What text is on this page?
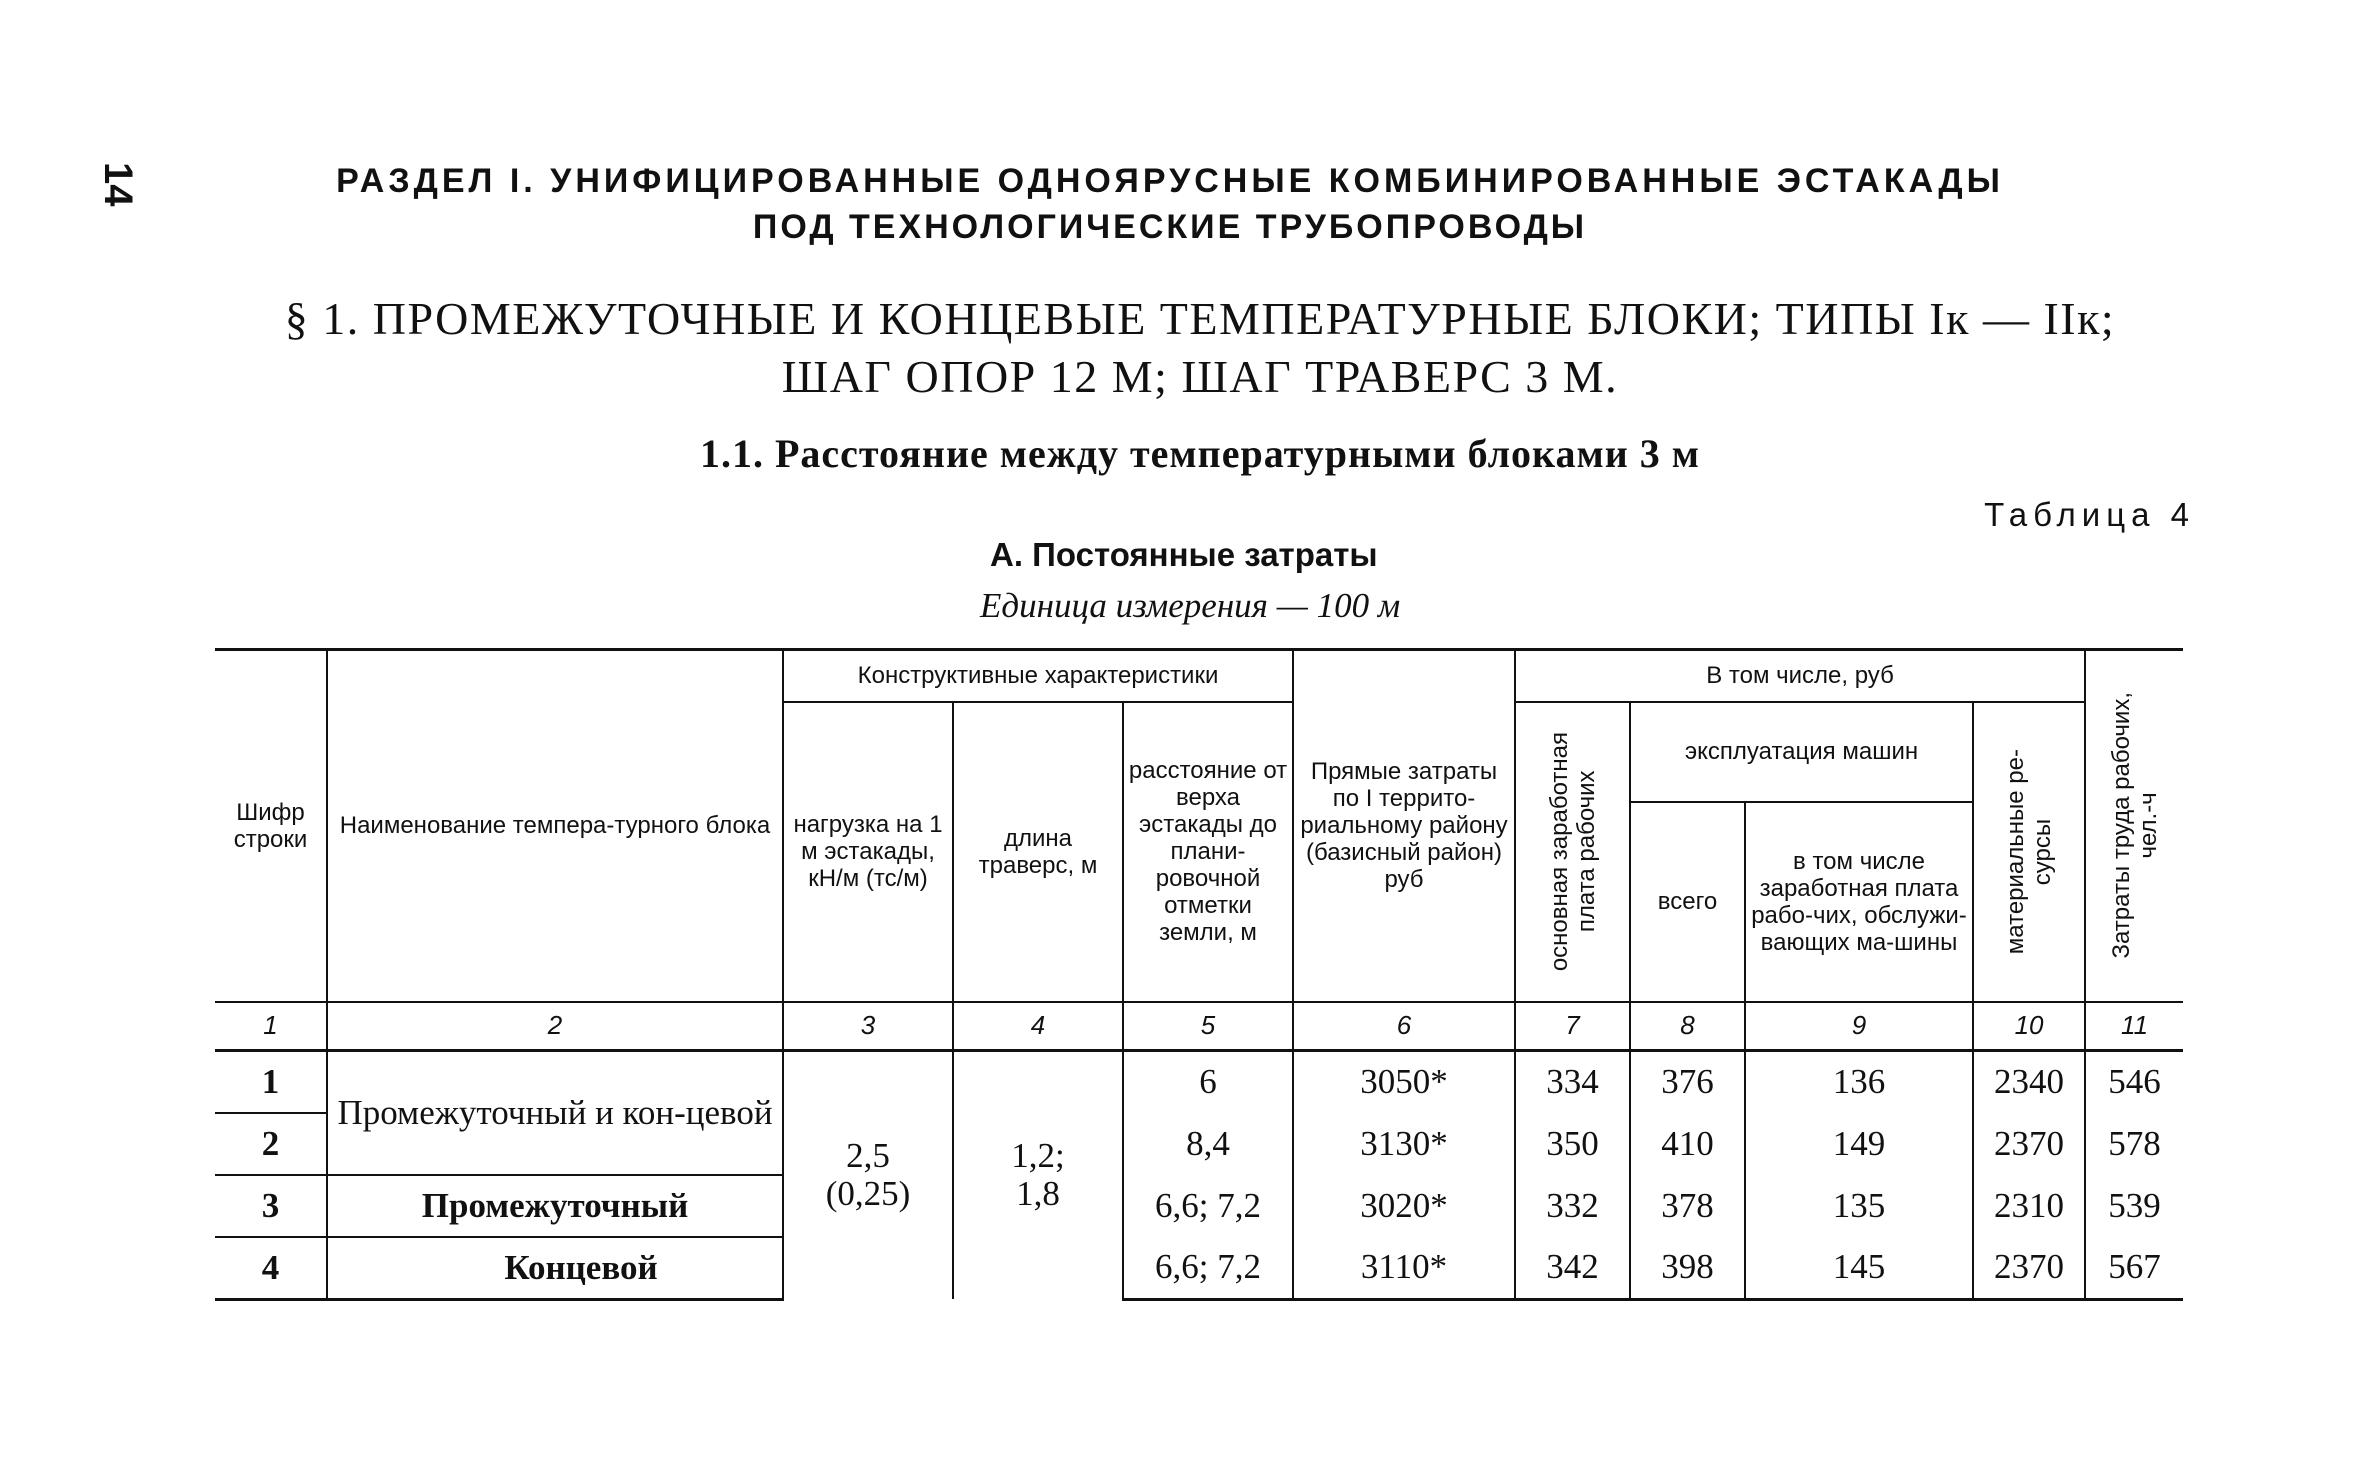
14	РАЗДЕЛ I. УНИФИЦИРОВАННЫЕ ОДНОЯРУСНЫЕ КОМБИНИРОВАННЫЕ ЭСТАКАДЫ
ПОД ТЕХНОЛОГИЧЕСКИЕ ТРУБОПРОВОДЫ
§ 1. ПРОМЕЖУТОЧНЫЕ И КОНЦЕВЫЕ ТЕМПЕРАТУРНЫЕ БЛОКИ; ТИПЫ Iк — IIк;
ШАГ ОПОР 12 М; ШАГ ТРАВЕРС 3 М.
1.1. Расстояние между температурными блоками 3 м
Таблица 4
А. Постоянные затраты
Единица измерения — 100 м
Шифр строки	Наименование темпера-турного блока	Конструктивные характеристики			Прямые затраты по I террито-риальному району (базисный район) руб	В том числе, руб				Затраты труда рабочих,
чел.-ч

		нагрузка на 1 м эстакады, кН/м (тс/м)	длина траверс, м	расстояние от верха эстакады до плани-ровочной отметки земли, м		основная заработная
плата рабочих	эксплуатация машин		материальные ре-
сурсы	

							всего	в том числе заработная плата рабо-чих, обслужи-вающих ма-шины		
1	2	3	4	5	6	7	8	9	10	11
1	Промежуточный и кон-цевой	2,5
(0,25)	1,2;
1,8	6	3050*	334	376	136	2340	546
2				8,4	3130*	350	410	149	2370	578
3	Промежуточный			6,6; 7,2	3020*	332	378	135	2310	539
4	Концевой			6,6; 7,2	3110*	342	398	145	2370	567
